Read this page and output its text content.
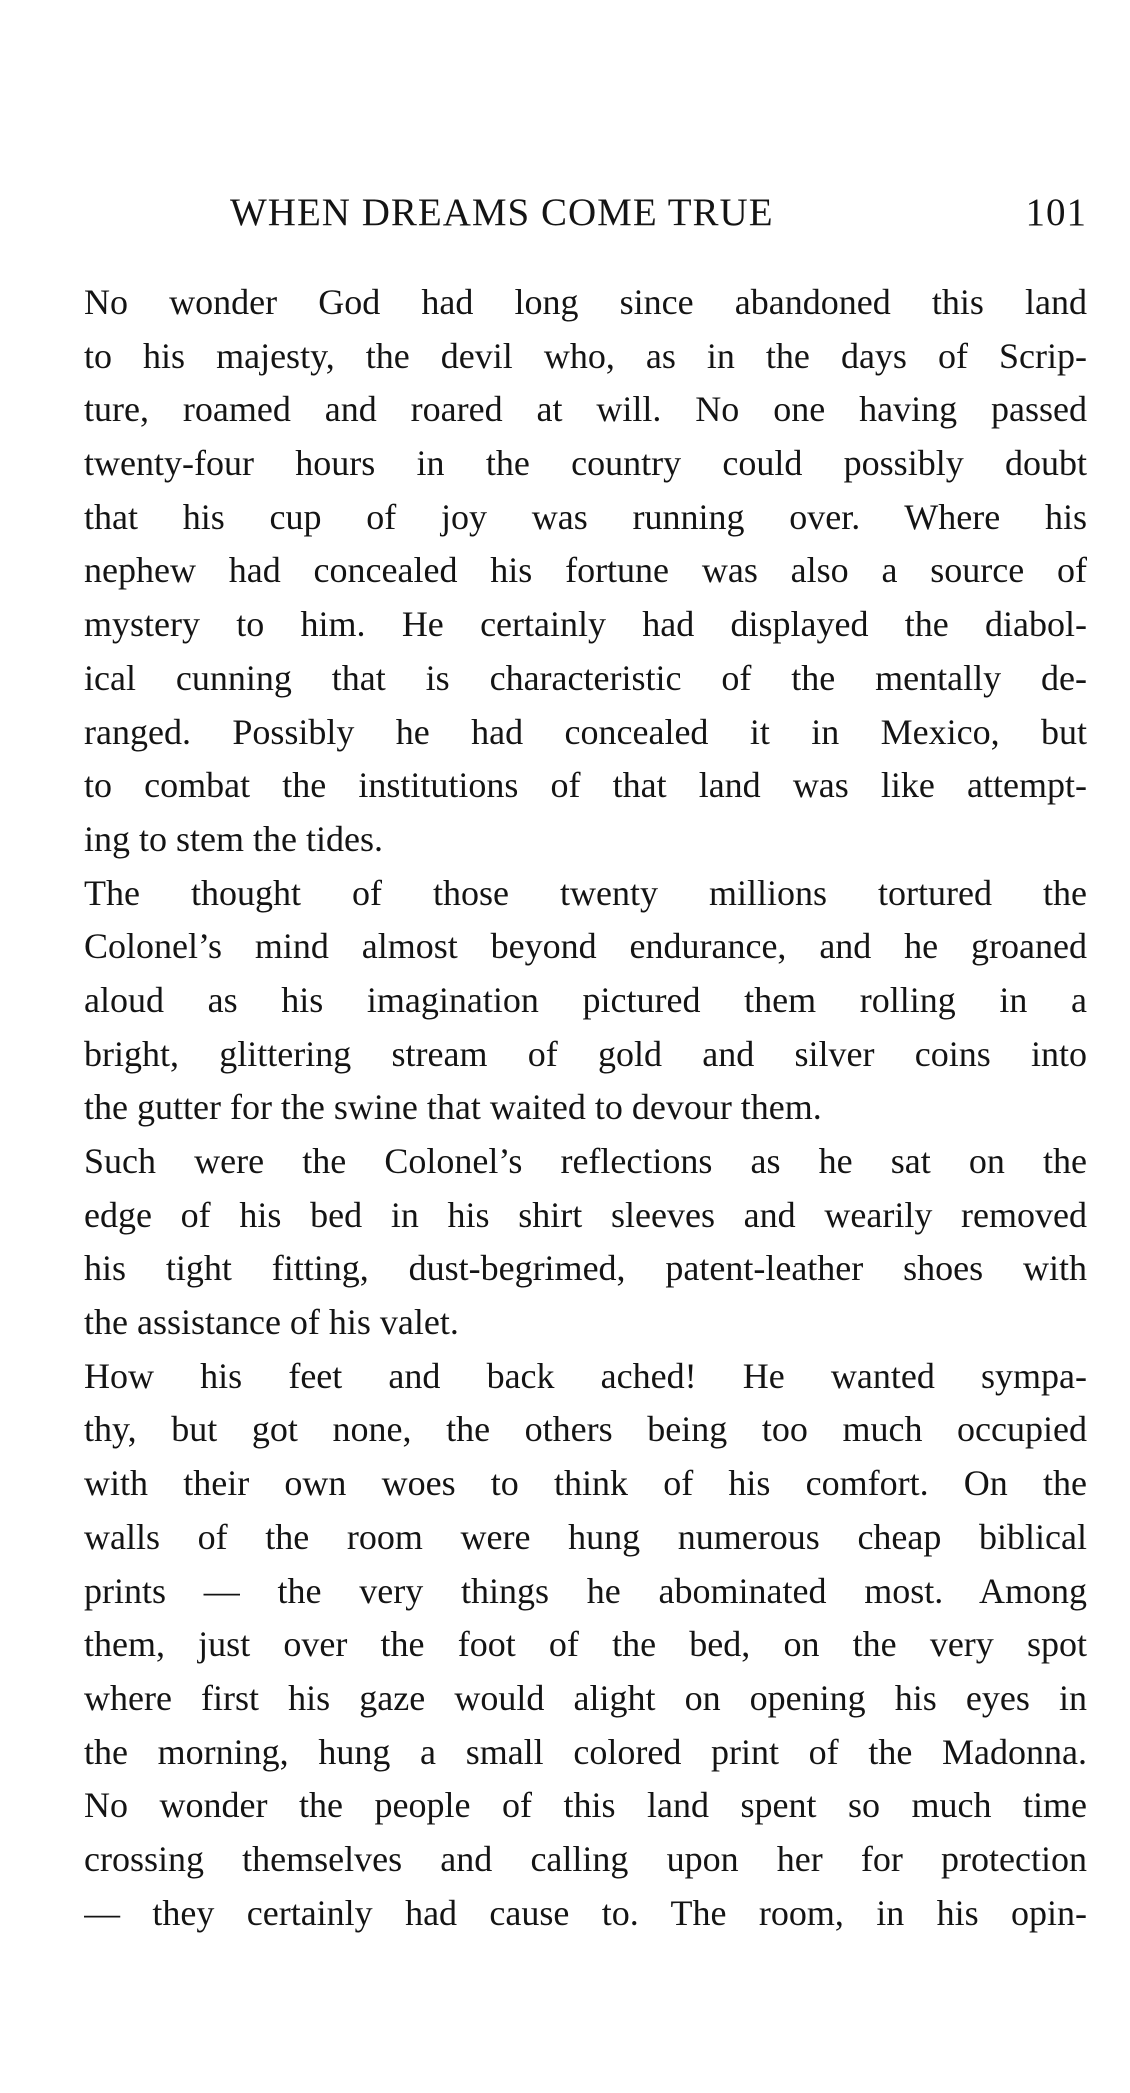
WHEN DREAMS COME TRUE	101

No wonder God had long since abandoned this land
to his majesty, the devil who, as in the days of Scrip-
ture, roamed and roared at will. No one having passed
twenty-four hours in the country could possibly doubt
that his cup of joy was running over. Where his
nephew had concealed his fortune was also a source of
mystery to him. He certainly had displayed the diabol-
ical cunning that is characteristic of the mentally de-
ranged. Possibly he had concealed it in Mexico, but
to combat the institutions of that land was like attempt-
ing to stem the tides.

The thought of those twenty millions tortured the
Colonel’s mind almost beyond endurance, and he groaned
aloud as his imagination pictured them rolling in a
bright, glittering stream of gold and silver coins into
the gutter for the swine that waited to devour them.

Such were the Colonel’s reflections as he sat on the
edge of his bed in his shirt sleeves and wearily removed
his tight fitting, dust-begrimed, patent-leather shoes with
the assistance of his valet.

How his feet and back ached! He wanted sympa-
thy, but got none, the others being too much occupied
with their own woes to think of his comfort. On the
walls of the room were hung numerous cheap biblical
prints — the very things he abominated most. Among
them, just over the foot of the bed, on the very spot
where first his gaze would alight on opening his eyes in
the morning, hung a small colored print of the Madonna.
No wonder the people of this land spent so much time
crossing themselves and calling upon her for protection
— they certainly had cause to. The room, in his opin-
